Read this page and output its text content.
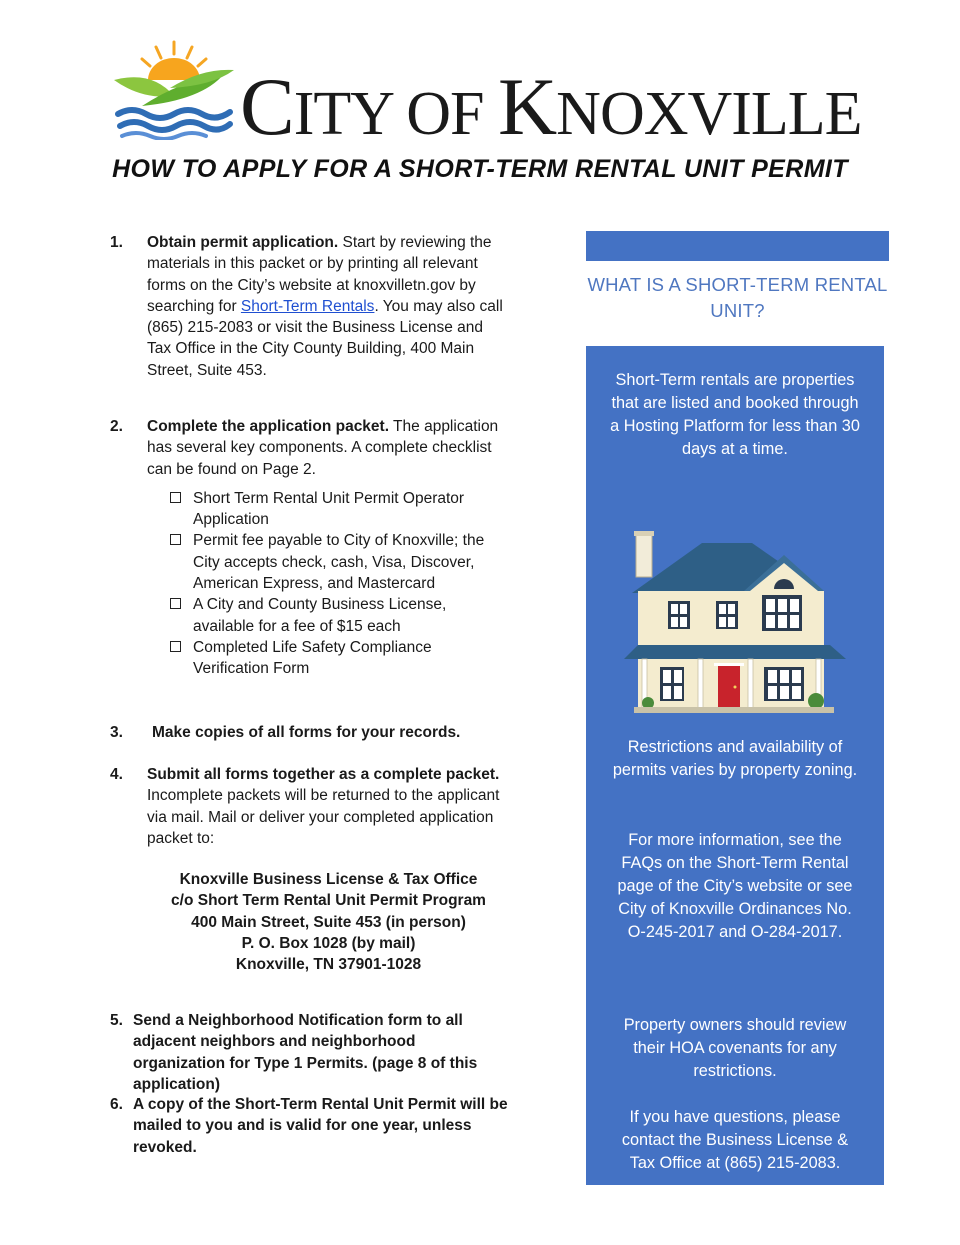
CITY OF KNOXVILLE
HOW TO APPLY FOR A SHORT-TERM RENTAL UNIT PERMIT
1. Obtain permit application. Start by reviewing the materials in this packet or by printing all relevant forms on the City’s website at knoxvilletn.gov by searching for Short-Term Rentals. You may also call (865) 215-2083 or visit the Business License and Tax Office in the City County Building, 400 Main Street, Suite 453.
2. Complete the application packet. The application has several key components. A complete checklist can be found on Page 2.
Short Term Rental Unit Permit Operator Application
Permit fee payable to City of Knoxville; the City accepts check, cash, Visa, Discover, American Express, and Mastercard
A City and County Business License, available for a fee of $15 each
Completed Life Safety Compliance Verification Form
3. Make copies of all forms for your records.
4. Submit all forms together as a complete packet. Incomplete packets will be returned to the applicant via mail. Mail or deliver your completed application packet to:
Knoxville Business License & Tax Office
c/o Short Term Rental Unit Permit Program
400 Main Street, Suite 453 (in person)
P. O. Box 1028 (by mail)
Knoxville, TN 37901-1028
5. Send a Neighborhood Notification form to all adjacent neighbors and neighborhood organization for Type 1 Permits. (page 8 of this application)
6. A copy of the Short-Term Rental Unit Permit will be mailed to you and is valid for one year, unless revoked.
WHAT IS A SHORT-TERM RENTAL UNIT?
Short-Term rentals are properties that are listed and booked through a Hosting Platform for less than 30 days at a time.
Restrictions and availability of permits varies by property zoning.
For more information, see the FAQs on the Short-Term Rental page of the City’s website or see City of Knoxville Ordinances No. O-245-2017 and O-284-2017.
Property owners should review their HOA covenants for any restrictions.
If you have questions, please contact the Business License & Tax Office at (865) 215-2083.
